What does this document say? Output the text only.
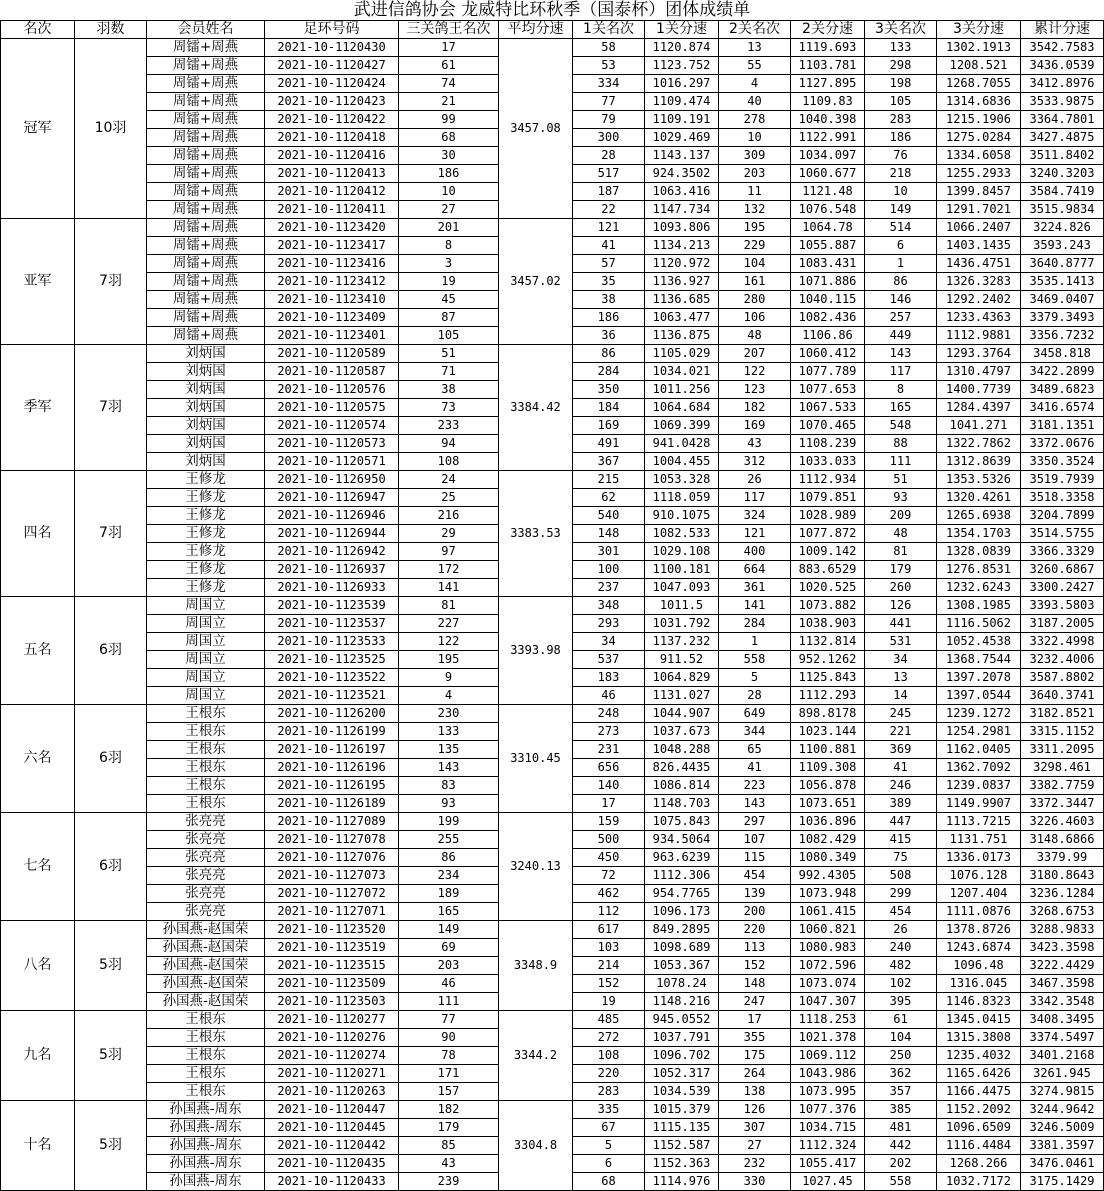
武进信鸽协会 龙威特比环秋季（国泰杯）团体成绩单
名次	羽数	会员姓名	足环号码	三关鸽王名次	平均分速	1关名次	1关分速	2关名次	2关分速	3关名次	3关分速	累计分速
冠军	10羽	周镭+周燕	2021-10-1120430	17	3457.08	58	1120.874	13	1119.693	133	1302.1913	3542.7583
		周镭+周燕	2021-10-1120427	61		53	1123.752	55	1103.781	298	1208.521	3436.0539
		周镭+周燕	2021-10-1120424	74		334	1016.297	4	1127.895	198	1268.7055	3412.8976
		周镭+周燕	2021-10-1120423	21		77	1109.474	40	1109.83	105	1314.6836	3533.9875
		周镭+周燕	2021-10-1120422	99		79	1109.191	278	1040.398	283	1215.1906	3364.7801
		周镭+周燕	2021-10-1120418	68		300	1029.469	10	1122.991	186	1275.0284	3427.4875
		周镭+周燕	2021-10-1120416	30		28	1143.137	309	1034.097	76	1334.6058	3511.8402
		周镭+周燕	2021-10-1120413	186		517	924.3502	203	1060.677	218	1255.2933	3240.3203
		周镭+周燕	2021-10-1120412	10		187	1063.416	11	1121.48	10	1399.8457	3584.7419
		周镭+周燕	2021-10-1120411	27		22	1147.734	132	1076.548	149	1291.7021	3515.9834
亚军	7羽	周镭+周燕	2021-10-1123420	201	3457.02	121	1093.806	195	1064.78	514	1066.2407	3224.826
		周镭+周燕	2021-10-1123417	8		41	1134.213	229	1055.887	6	1403.1435	3593.243
		周镭+周燕	2021-10-1123416	3		57	1120.972	104	1083.431	1	1436.4751	3640.8777
		周镭+周燕	2021-10-1123412	19		35	1136.927	161	1071.886	86	1326.3283	3535.1413
		周镭+周燕	2021-10-1123410	45		38	1136.685	280	1040.115	146	1292.2402	3469.0407
		周镭+周燕	2021-10-1123409	87		186	1063.477	106	1082.436	257	1233.4363	3379.3493
		周镭+周燕	2021-10-1123401	105		36	1136.875	48	1106.86	449	1112.9881	3356.7232
季军	7羽	刘炳国	2021-10-1120589	51	3384.42	86	1105.029	207	1060.412	143	1293.3764	3458.818
		刘炳国	2021-10-1120587	71		284	1034.021	122	1077.789	117	1310.4797	3422.2899
		刘炳国	2021-10-1120576	38		350	1011.256	123	1077.653	8	1400.7739	3489.6823
		刘炳国	2021-10-1120575	73		184	1064.684	182	1067.533	165	1284.4397	3416.6574
		刘炳国	2021-10-1120574	233		169	1069.399	169	1070.465	548	1041.271	3181.1351
		刘炳国	2021-10-1120573	94		491	941.0428	43	1108.239	88	1322.7862	3372.0676
		刘炳国	2021-10-1120571	108		367	1004.455	312	1033.033	111	1312.8639	3350.3524
四名	7羽	王修龙	2021-10-1126950	24	3383.53	215	1053.328	26	1112.934	51	1353.5326	3519.7939
		王修龙	2021-10-1126947	25		62	1118.059	117	1079.851	93	1320.4261	3518.3358
		王修龙	2021-10-1126946	216		540	910.1075	324	1028.989	209	1265.6938	3204.7899
		王修龙	2021-10-1126944	29		148	1082.533	121	1077.872	48	1354.1703	3514.5755
		王修龙	2021-10-1126942	97		301	1029.108	400	1009.142	81	1328.0839	3366.3329
		王修龙	2021-10-1126937	172		100	1100.181	664	883.6529	179	1276.8531	3260.6867
		王修龙	2021-10-1126933	141		237	1047.093	361	1020.525	260	1232.6243	3300.2427
五名	6羽	周国立	2021-10-1123539	81	3393.98	348	1011.5	141	1073.882	126	1308.1985	3393.5803
		周国立	2021-10-1123537	227		293	1031.792	284	1038.903	441	1116.5062	3187.2005
		周国立	2021-10-1123533	122		34	1137.232	1	1132.814	531	1052.4538	3322.4998
		周国立	2021-10-1123525	195		537	911.52	558	952.1262	34	1368.7544	3232.4006
		周国立	2021-10-1123522	9		183	1064.829	5	1125.843	13	1397.2078	3587.8802
		周国立	2021-10-1123521	4		46	1131.027	28	1112.293	14	1397.0544	3640.3741
六名	6羽	王根东	2021-10-1126200	230	3310.45	248	1044.907	649	898.8178	245	1239.1272	3182.8521
		王根东	2021-10-1126199	133		273	1037.673	344	1023.144	221	1254.2981	3315.1152
		王根东	2021-10-1126197	135		231	1048.288	65	1100.881	369	1162.0405	3311.2095
		王根东	2021-10-1126196	143		656	826.4435	41	1109.308	41	1362.7092	3298.461
		王根东	2021-10-1126195	83		140	1086.814	223	1056.878	246	1239.0837	3382.7759
		王根东	2021-10-1126189	93		17	1148.703	143	1073.651	389	1149.9907	3372.3447
七名	6羽	张亮亮	2021-10-1127089	199	3240.13	159	1075.843	297	1036.896	447	1113.7215	3226.4603
		张亮亮	2021-10-1127078	255		500	934.5064	107	1082.429	415	1131.751	3148.6866
		张亮亮	2021-10-1127076	86		450	963.6239	115	1080.349	75	1336.0173	3379.99
		张亮亮	2021-10-1127073	234		72	1112.306	454	992.4305	508	1076.128	3180.8643
		张亮亮	2021-10-1127072	189		462	954.7765	139	1073.948	299	1207.404	3236.1284
		张亮亮	2021-10-1127071	165		112	1096.173	200	1061.415	454	1111.0876	3268.6753
八名	5羽	孙国燕-赵国荣	2021-10-1123520	149	3348.9	617	849.2895	220	1060.821	26	1378.8726	3288.9833
		孙国燕-赵国荣	2021-10-1123519	69		103	1098.689	113	1080.983	240	1243.6874	3423.3598
		孙国燕-赵国荣	2021-10-1123515	203		214	1053.367	152	1072.596	482	1096.48	3222.4429
		孙国燕-赵国荣	2021-10-1123509	46		152	1078.24	148	1073.074	102	1316.045	3467.3598
		孙国燕-赵国荣	2021-10-1123503	111		19	1148.216	247	1047.307	395	1146.8323	3342.3548
九名	5羽	王根东	2021-10-1120277	77	3344.2	485	945.0552	17	1118.253	61	1345.0415	3408.3495
		王根东	2021-10-1120276	90		272	1037.791	355	1021.378	104	1315.3808	3374.5497
		王根东	2021-10-1120274	78		108	1096.702	175	1069.112	250	1235.4032	3401.2168
		王根东	2021-10-1120271	171		220	1052.317	264	1043.986	362	1165.6426	3261.945
		王根东	2021-10-1120263	157		283	1034.539	138	1073.995	357	1166.4475	3274.9815
十名	5羽	孙国燕-周东	2021-10-1120447	182	3304.8	335	1015.379	126	1077.376	385	1152.2092	3244.9642
		孙国燕-周东	2021-10-1120445	179		67	1115.135	307	1034.715	481	1096.6509	3246.5009
		孙国燕-周东	2021-10-1120442	85		5	1152.587	27	1112.324	442	1116.4484	3381.3597
		孙国燕-周东	2021-10-1120435	43		6	1152.363	232	1055.417	202	1268.266	3476.0461
		孙国燕-周东	2021-10-1120433	239		68	1114.976	330	1027.45	558	1032.7172	3175.1429
